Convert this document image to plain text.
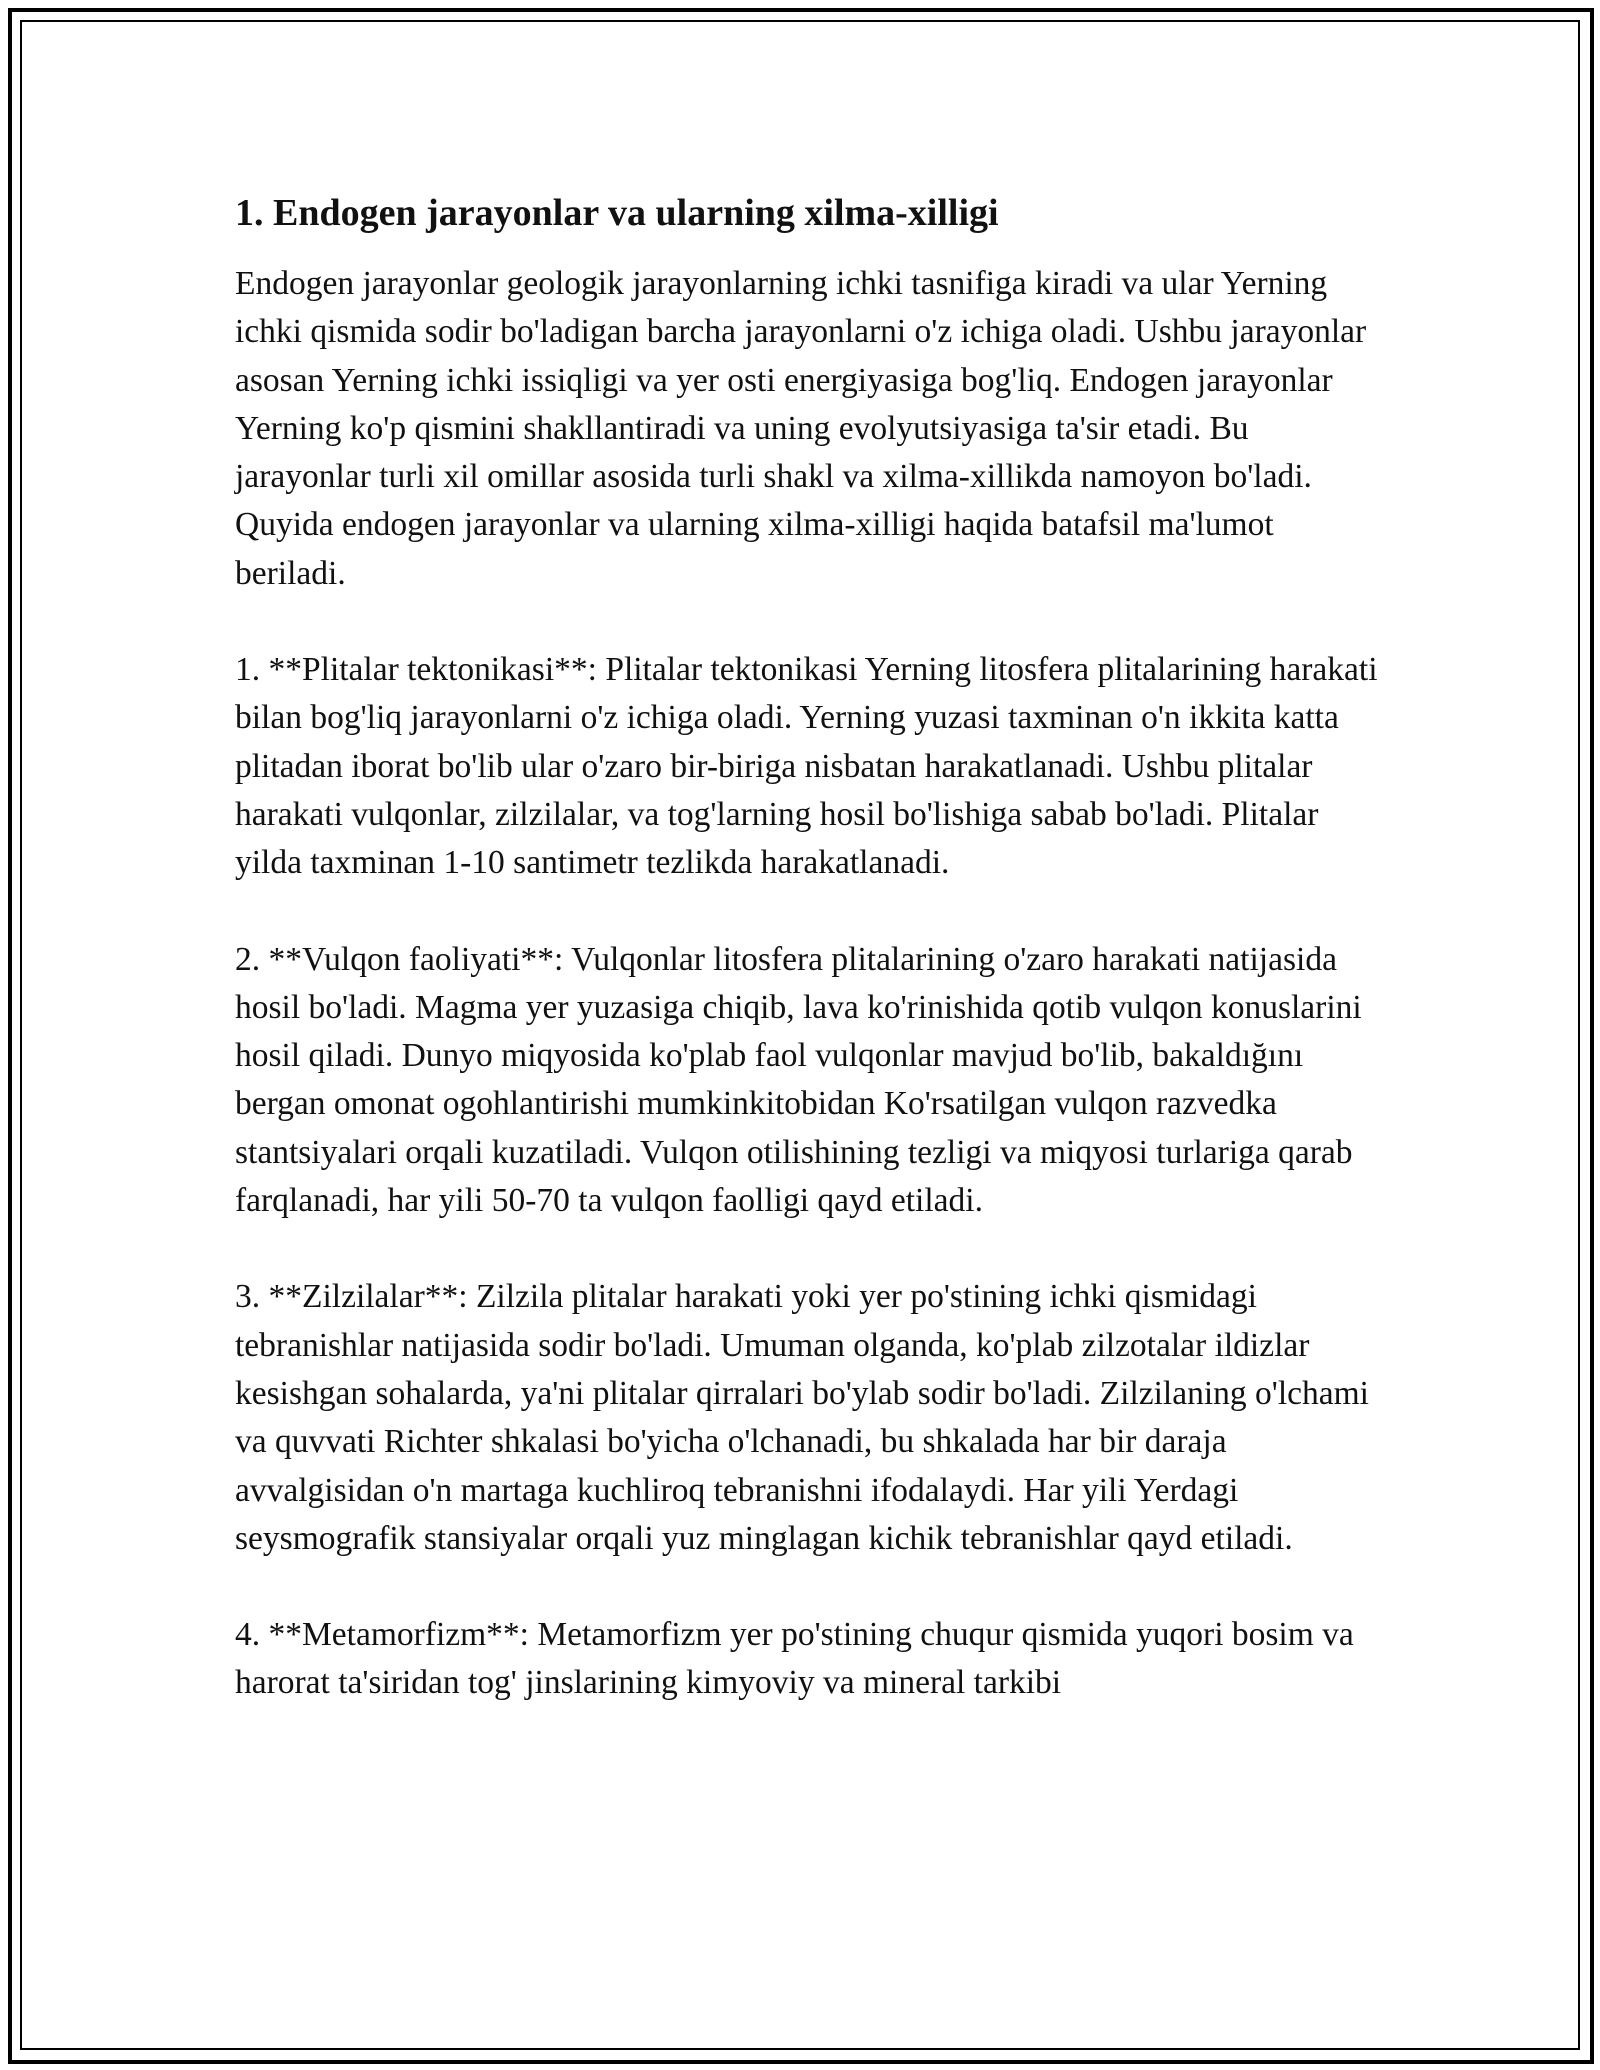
1. Endogen jarayonlar va ularning xilma-xilligi

Endogen jarayonlar geologik jarayonlarning ichki tasnifiga kiradi va ular Yerning ichki qismida sodir bo'ladigan barcha jarayonlarni o'z ichiga oladi. Ushbu jarayonlar asosan Yerning ichki issiqligi va yer osti energiyasiga bog'liq. Endogen jarayonlar Yerning ko'p qismini shakllantiradi va uning evolyutsiyasiga ta'sir etadi. Bu jarayonlar turli xil omillar asosida turli shakl va xilma-xillikda namoyon bo'ladi. Quyida endogen jarayonlar va ularning xilma-xilligi haqida batafsil ma'lumot beriladi.

1. **Plitalar tektonikasi**: Plitalar tektonikasi Yerning litosfera plitalarining harakati bilan bog'liq jarayonlarni o'z ichiga oladi. Yerning yuzasi taxminan o'n ikkita katta plitadan iborat bo'lib ular o'zaro bir-biriga nisbatan harakatlanadi. Ushbu plitalar harakati vulqonlar, zilzilalar, va tog'larning hosil bo'lishiga sabab bo'ladi. Plitalar yilda taxminan 1-10 santimetr tezlikda harakatlanadi.

2. **Vulqon faoliyati**: Vulqonlar litosfera plitalarining o'zaro harakati natijasida hosil bo'ladi. Magma yer yuzasiga chiqib, lava ko'rinishida qotib vulqon konuslarini hosil qiladi. Dunyo miqyosida ko'plab faol vulqonlar mavjud bo'lib, bakaldığını bergan omonat ogohlantirishi mumkinkitobidan Ko'rsatilgan vulqon razvedka stantsiyalari orqali kuzatiladi. Vulqon otilishining tezligi va miqyosi turlariga qarab farqlanadi, har yili 50-70 ta vulqon faolligi qayd etiladi.

3. **Zilzilalar**: Zilzila plitalar harakati yoki yer po'stining ichki qismidagi tebranishlar natijasida sodir bo'ladi. Umuman olganda, ko'plab zilzotalar ildizlar kesishgan sohalarda, ya'ni plitalar qirralari bo'ylab sodir bo'ladi. Zilzilaning o'lchami va quvvati Richter shkalasi bo'yicha o'lchanadi, bu shkalada har bir daraja avvalgisidan o'n martaga kuchliroq tebranishni ifodalaydi. Har yili Yerdagi seysmografik stansiyalar orqali yuz minglagan kichik tebranishlar qayd etiladi.

4. **Metamorfizm**: Metamorfizm yer po'stining chuqur qismida yuqori bosim va harorat ta'siridan tog' jinslarining kimyoviy va mineral tarkibi
